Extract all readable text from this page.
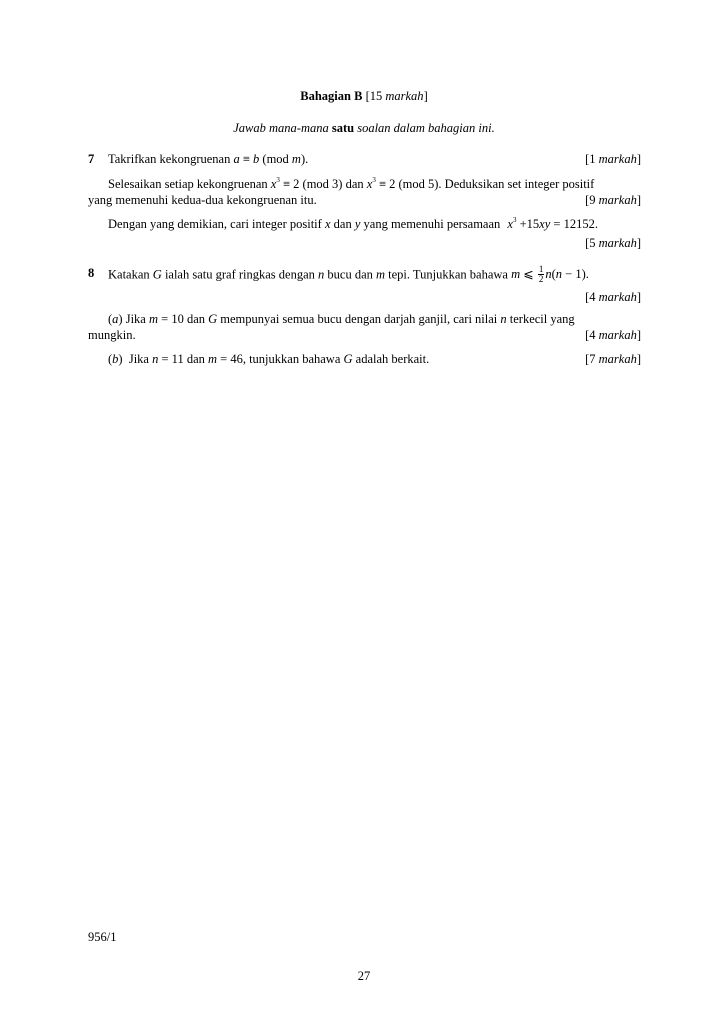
Bahagian B [15 markah]
Jawab mana-mana satu soalan dalam bahagian ini.
7 Takrifkan kekongruenan a ≡ b (mod m).	[1 markah]
Selesaikan setiap kekongruenan $x^3 \equiv 2$ (mod 3) dan $x^3 \equiv 2$ (mod 5). Deduksikan set integer positif
yang memenuhi kedua-dua kekongruenan itu.	[9 markah]
Dengan yang demikian, cari integer positif x dan y yang memenuhi persamaan $x^3 +15xy = 12152$.
[5 markah]
8 Katakan G ialah satu graf ringkas dengan n bucu dan m tepi. Tunjukkan bahawa m ⩽ $\frac{1}{2} n(n - 1)$.
[4 markah]
(a) Jika m = 10 dan G mempunyai semua bucu dengan darjah ganjil, cari nilai n terkecil yang
mungkin.	[4 markah]
(b) Jika n = 11 dan m = 46, tunjukkan bahawa G adalah berkait.	[7 markah]
956/1
27
